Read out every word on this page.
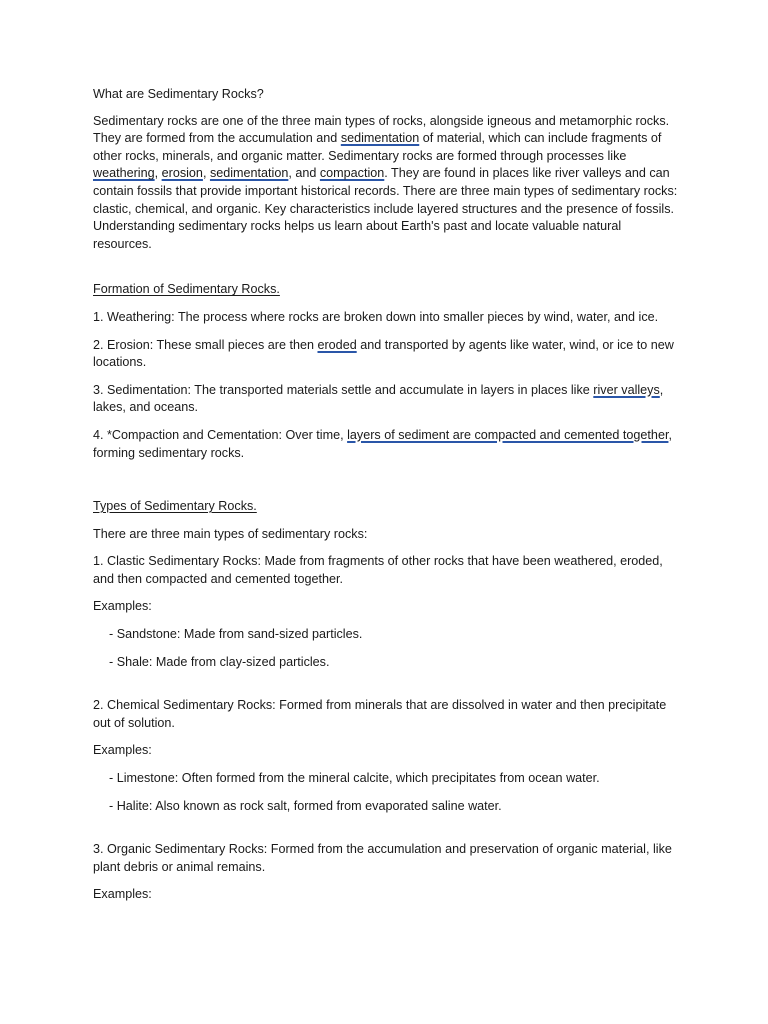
What are Sedimentary Rocks?

Sedimentary rocks are one of the three main types of rocks, alongside igneous and metamorphic rocks. They are formed from the accumulation and sedimentation of material, which can include fragments of other rocks, minerals, and organic matter. Sedimentary rocks are formed through processes like weathering, erosion, sedimentation, and compaction. They are found in places like river valleys and can contain fossils that provide important historical records. There are three main types of sedimentary rocks: clastic, chemical, and organic. Key characteristics include layered structures and the presence of fossils. Understanding sedimentary rocks helps us learn about Earth's past and locate valuable natural resources.

Formation of Sedimentary Rocks.

1. Weathering: The process where rocks are broken down into smaller pieces by wind, water, and ice.

2. Erosion: These small pieces are then eroded and transported by agents like water, wind, or ice to new locations.

3. Sedimentation: The transported materials settle and accumulate in layers in places like river valleys, lakes, and oceans.

4. *Compaction and Cementation: Over time, layers of sediment are compacted and cemented together, forming sedimentary rocks.

Types of Sedimentary Rocks.

There are three main types of sedimentary rocks:

1. Clastic Sedimentary Rocks: Made from fragments of other rocks that have been weathered, eroded, and then compacted and cemented together.

Examples:

- Sandstone: Made from sand-sized particles.

- Shale: Made from clay-sized particles.

2. Chemical Sedimentary Rocks: Formed from minerals that are dissolved in water and then precipitate out of solution.

Examples:

- Limestone: Often formed from the mineral calcite, which precipitates from ocean water.

- Halite: Also known as rock salt, formed from evaporated saline water.

3. Organic Sedimentary Rocks: Formed from the accumulation and preservation of organic material, like plant debris or animal remains.

Examples:
